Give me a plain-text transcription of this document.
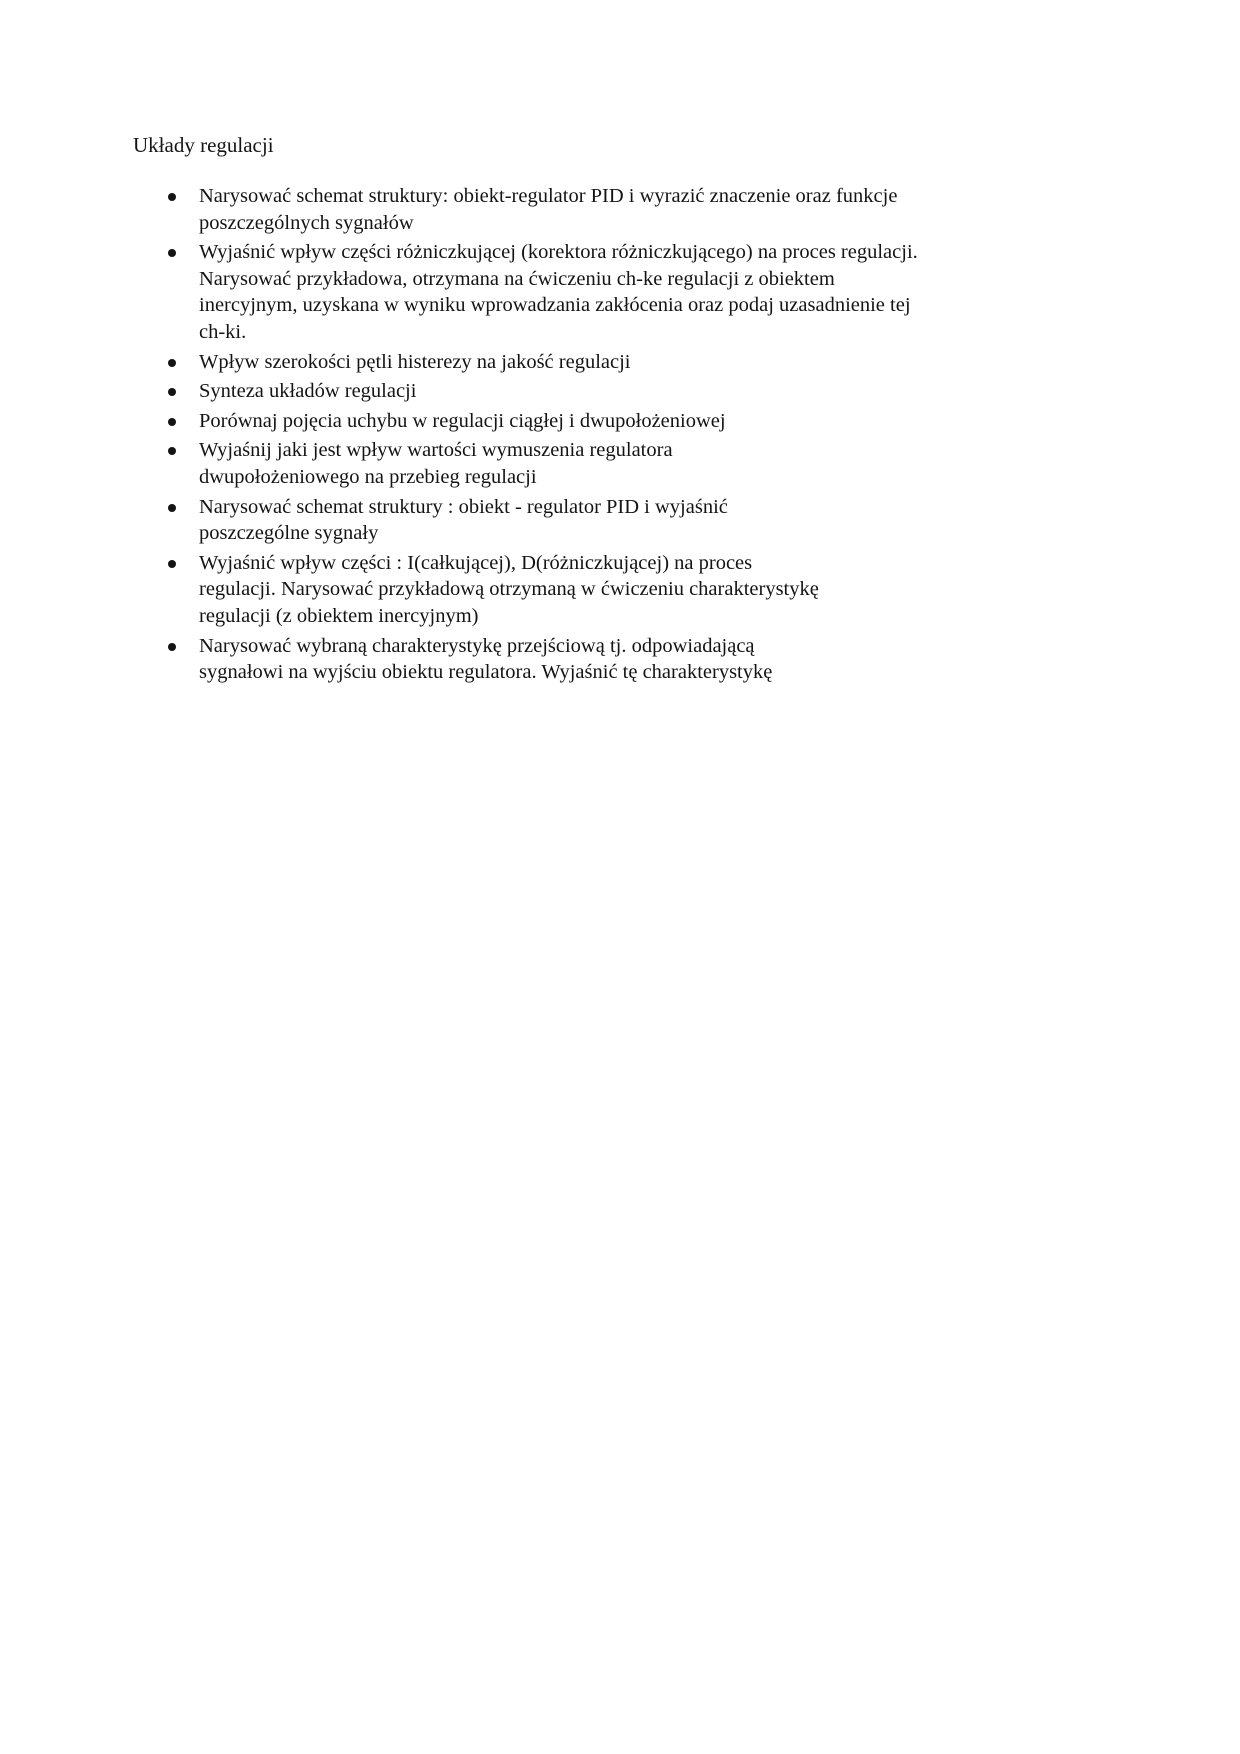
Układy regulacji
Narysować schemat struktury: obiekt-regulator PID i wyrazić znaczenie oraz funkcje poszczególnych sygnałów
Wyjaśnić wpływ części różniczkującej (korektora różniczkującego) na proces regulacji. Narysować przykładowa, otrzymana na ćwiczeniu ch-ke regulacji z obiektem inercyjnym, uzyskana w wyniku wprowadzania zakłócenia oraz podaj uzasadnienie tej ch-ki.
Wpływ szerokości pętli histerezy na jakość regulacji
Synteza układów regulacji
Porównaj pojęcia uchybu w regulacji ciągłej i dwupołożeniowej
Wyjaśnij jaki jest wpływ wartości wymuszenia regulatora dwupołożeniowego na przebieg regulacji
Narysować schemat struktury : obiekt - regulator PID i wyjaśnić poszczególne sygnały
Wyjaśnić wpływ części : I(całkującej), D(różniczkującej) na proces regulacji. Narysować przykładową otrzymaną w ćwiczeniu charakterystykę regulacji (z obiektem inercyjnym)
Narysować wybraną charakterystykę przejściową tj. odpowiadającą sygnałowi na wyjściu obiektu regulatora. Wyjaśnić tę charakterystykę
